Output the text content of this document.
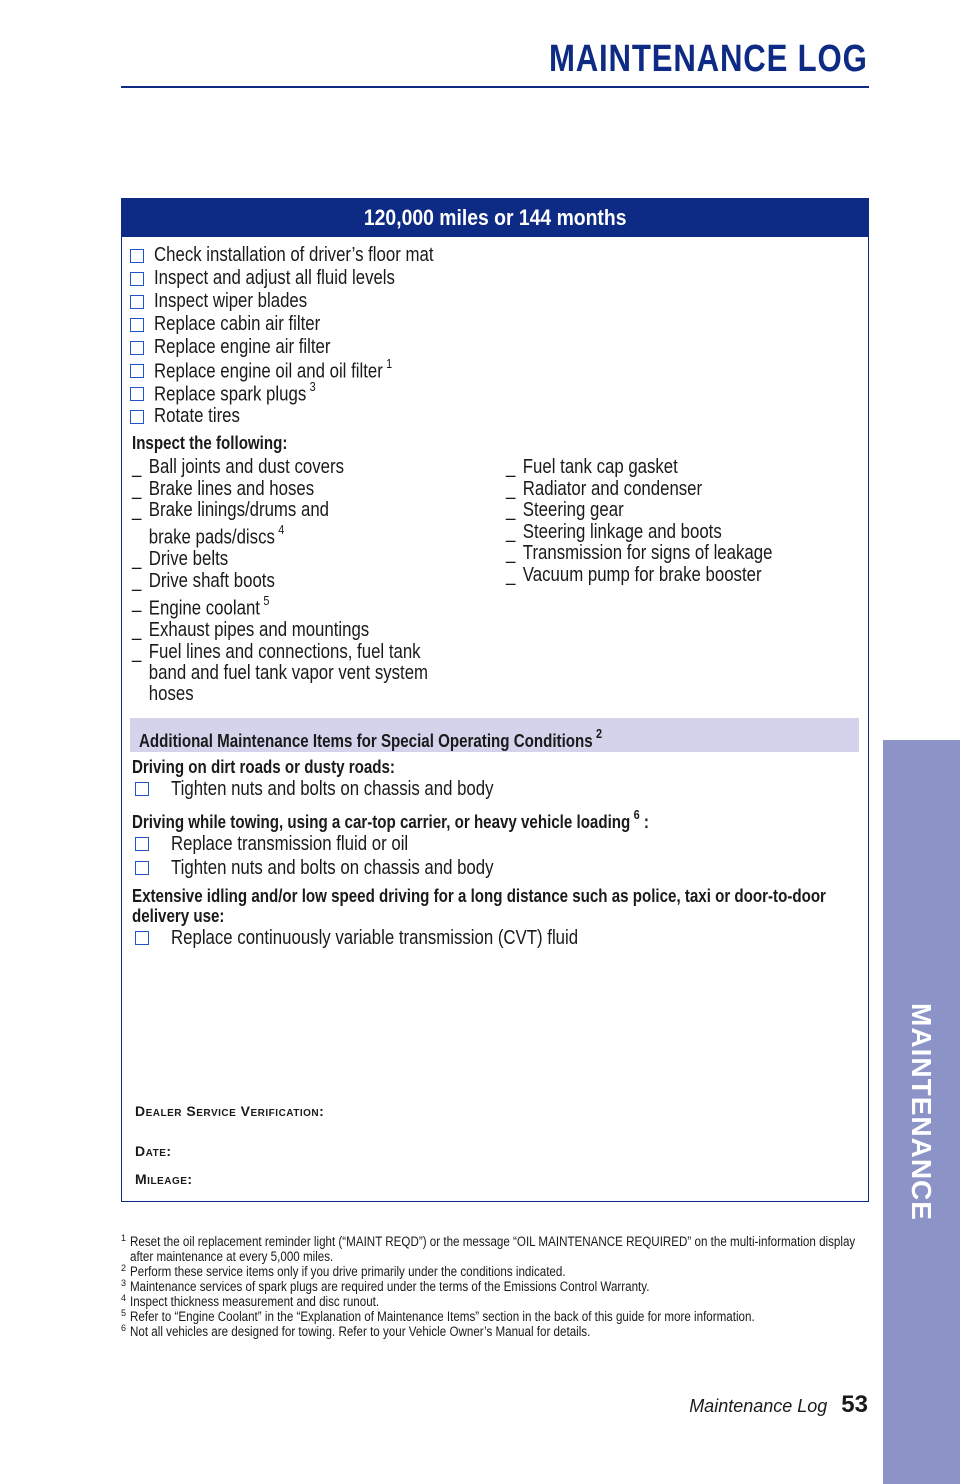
MAINTENANCE LOG
MAINTENANCE
120,000 miles or 144 months
Check installation of driver’s floor mat
Inspect and adjust all fluid levels
Inspect wiper blades
Replace cabin air filter
Replace engine air filter
Replace engine oil and oil filter $^1$
Replace spark plugs $^3$
Rotate tires
Inspect the following:
_ Ball joints and dust covers
_ Brake lines and hoses
_ Brake linings/drums and
brake pads/discs $^4$
_ Drive belts
_ Drive shaft boots
_ Engine coolant $^5$
_ Exhaust pipes and mountings
_ Fuel lines and connections, fuel tank
band and fuel tank vapor vent system
hoses
_ Fuel tank cap gasket
_ Radiator and condenser
_ Steering gear
_ Steering linkage and boots
_ Transmission for signs of leakage
_ Vacuum pump for brake booster
Additional Maintenance Items for Special Operating Conditions $^2$
Driving on dirt roads or dusty roads:
Tighten nuts and bolts on chassis and body
Driving while towing, using a car-top carrier, or heavy vehicle loading $^6$ :
Replace transmission fluid or oil
Tighten nuts and bolts on chassis and body
Extensive idling and/or low speed driving for a long distance such as police, taxi or door-to-door delivery use:
Replace continuously variable transmission (CVT) fluid
Dealer Service Verification:
Date:
Mileage:
1 Reset the oil replacement reminder light (“MAINT REQD”) or the message “OIL MAINTENANCE REQUIRED” on the multi-information display after maintenance at every 5,000 miles.
2 Perform these service items only if you drive primarily under the conditions indicated.
3 Maintenance services of spark plugs are required under the terms of the Emissions Control Warranty.
4 Inspect thickness measurement and disc runout.
5 Refer to “Engine Coolant” in the “Explanation of Maintenance Items” section in the back of this guide for more information.
6 Not all vehicles are designed for towing. Refer to your Vehicle Owner’s Manual for details.
Maintenance Log 53
